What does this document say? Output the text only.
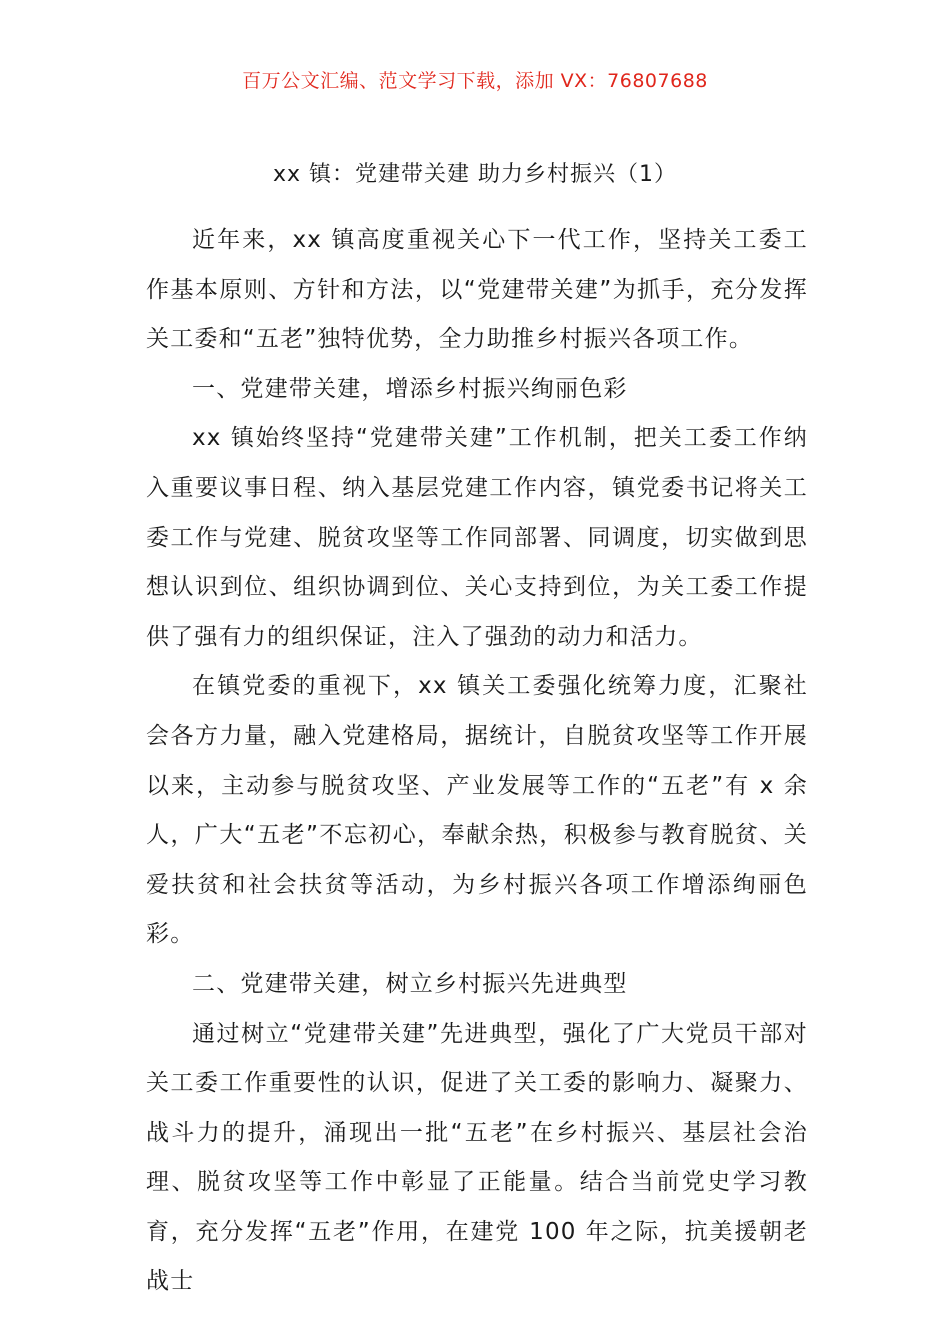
百万公文汇编、范文学习下载，添加 VX：76807688
xx 镇：党建带关建 助力乡村振兴（1）

近年来，xx 镇高度重视关心下一代工作，坚持关工委工作基本原则、方针和方法，以“党建带关建”为抓手，充分发挥关工委和“五老”独特优势，全力助推乡村振兴各项工作。

一、党建带关建，增添乡村振兴绚丽色彩

xx 镇始终坚持“党建带关建”工作机制，把关工委工作纳入重要议事日程、纳入基层党建工作内容，镇党委书记将关工委工作与党建、脱贫攻坚等工作同部署、同调度，切实做到思想认识到位、组织协调到位、关心支持到位，为关工委工作提供了强有力的组织保证，注入了强劲的动力和活力。

在镇党委的重视下，xx 镇关工委强化统筹力度，汇聚社会各方力量，融入党建格局，据统计，自脱贫攻坚等工作开展以来，主动参与脱贫攻坚、产业发展等工作的“五老”有 x 余人，广大“五老”不忘初心，奉献余热，积极参与教育脱贫、关爱扶贫和社会扶贫等活动，为乡村振兴各项工作增添绚丽色彩。

二、党建带关建，树立乡村振兴先进典型

通过树立“党建带关建”先进典型，强化了广大党员干部对关工委工作重要性的认识，促进了关工委的影响力、凝聚力、战斗力的提升，涌现出一批“五老”在乡村振兴、基层社会治理、脱贫攻坚等工作中彰显了正能量。结合当前党史学习教育，充分发挥“五老”作用，在建党 100 年之际，抗美援朝老战士
